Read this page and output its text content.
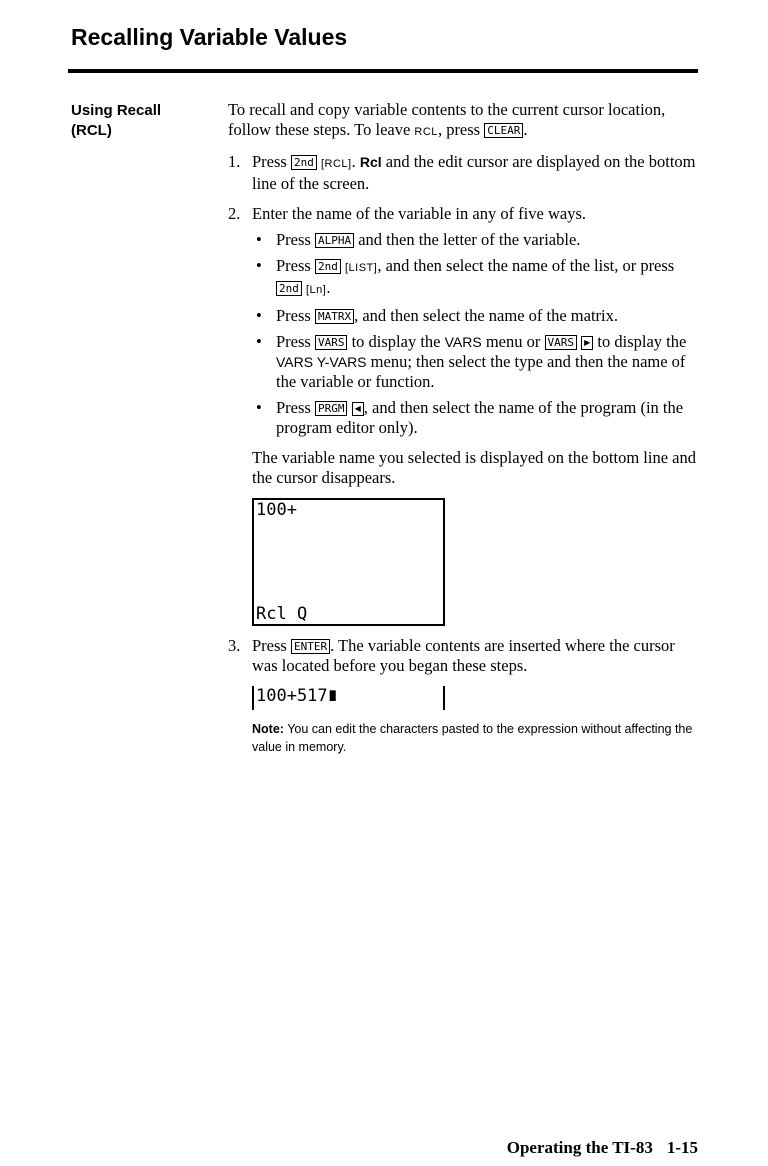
Recalling Variable Values
Using Recall
(RCL)

To recall and copy variable contents to the current cursor location, follow these steps. To leave RCL, press CLEAR .

1. Press 2nd [RCL]. Rcl and the edit cursor are displayed on the bottom line of the screen.
2. Enter the name of the variable in any of five ways.
• Press ALPHA and then the letter of the variable.
• Press 2nd [LIST], and then select the name of the list, or press 2nd [Ln].
• Press MATRX , and then select the name of the matrix.
• Press VARS to display the VARS menu or VARS ▶ to display the VARS Y-VARS menu; then select the type and then the name of the variable or function.
• Press PRGM ◀ , and then select the name of the program (in the program editor only).

The variable name you selected is displayed on the bottom line and the cursor disappears.

100+
Rcl Q
3. Press ENTER . The variable contents are inserted where the cursor was located before you began these steps.
100+517∎
Note: You can edit the characters pasted to the expression without affecting the value in memory.
Operating the TI-83 1-15
